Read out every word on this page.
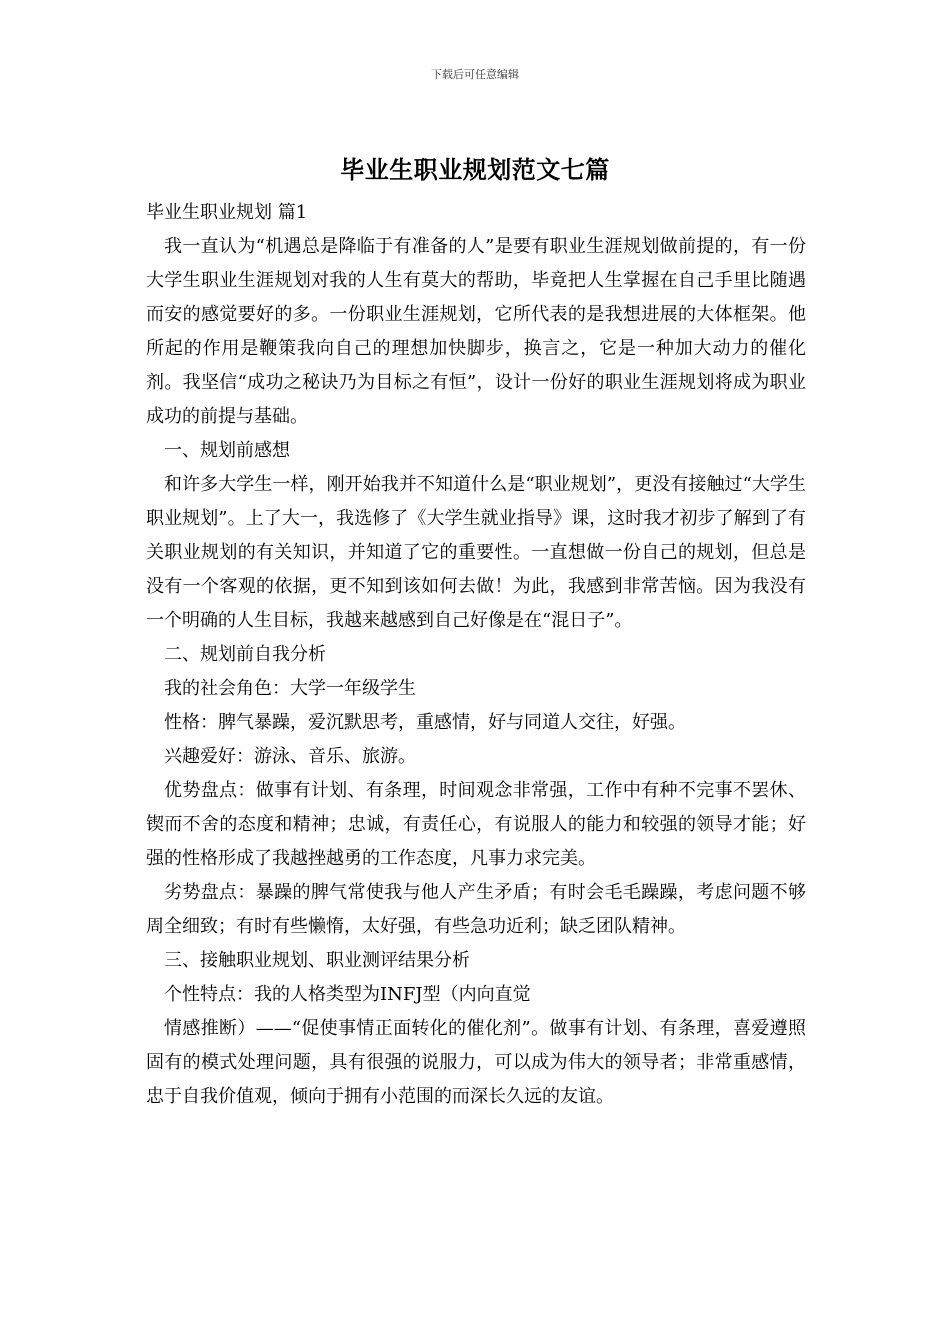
下载后可任意编辑
毕业生职业规划范文七篇

毕业生职业规划 篇1

我一直认为“机遇总是降临于有准备的人”是要有职业生涯规划做前提的，有一份大学生职业生涯规划对我的人生有莫大的帮助，毕竟把人生掌握在自己手里比随遇而安的感觉要好的多。一份职业生涯规划，它所代表的是我想进展的大体框架。他所起的作用是鞭策我向自己的理想加快脚步，换言之，它是一种加大动力的催化剂。我坚信“成功之秘诀乃为目标之有恒”，设计一份好的职业生涯规划将成为职业成功的前提与基础。

一、规划前感想

和许多大学生一样，刚开始我并不知道什么是“职业规划”，更没有接触过“大学生职业规划”。上了大一，我选修了《大学生就业指导》课，这时我才初步了解到了有关职业规划的有关知识，并知道了它的重要性。一直想做一份自己的规划，但总是没有一个客观的依据，更不知到该如何去做！为此，我感到非常苦恼。因为我没有一个明确的人生目标，我越来越感到自己好像是在“混日子”。

二、规划前自我分析

我的社会角色：大学一年级学生

性格：脾气暴躁，爱沉默思考，重感情，好与同道人交往，好强。

兴趣爱好：游泳、音乐、旅游。

优势盘点：做事有计划、有条理，时间观念非常强，工作中有种不完事不罢休、锲而不舍的态度和精神；忠诚，有责任心，有说服人的能力和较强的领导才能；好强的性格形成了我越挫越勇的工作态度，凡事力求完美。

劣势盘点：暴躁的脾气常使我与他人产生矛盾；有时会毛毛躁躁，考虑问题不够周全细致；有时有些懒惰，太好强，有些急功近利；缺乏团队精神。

三、接触职业规划、职业测评结果分析

个性特点：我的人格类型为INFJ型（内向直觉

情感推断）——“促使事情正面转化的催化剂”。做事有计划、有条理，喜爱遵照固有的模式处理问题，具有很强的说服力，可以成为伟大的领导者；非常重感情，忠于自我价值观，倾向于拥有小范围的而深长久远的友谊。
